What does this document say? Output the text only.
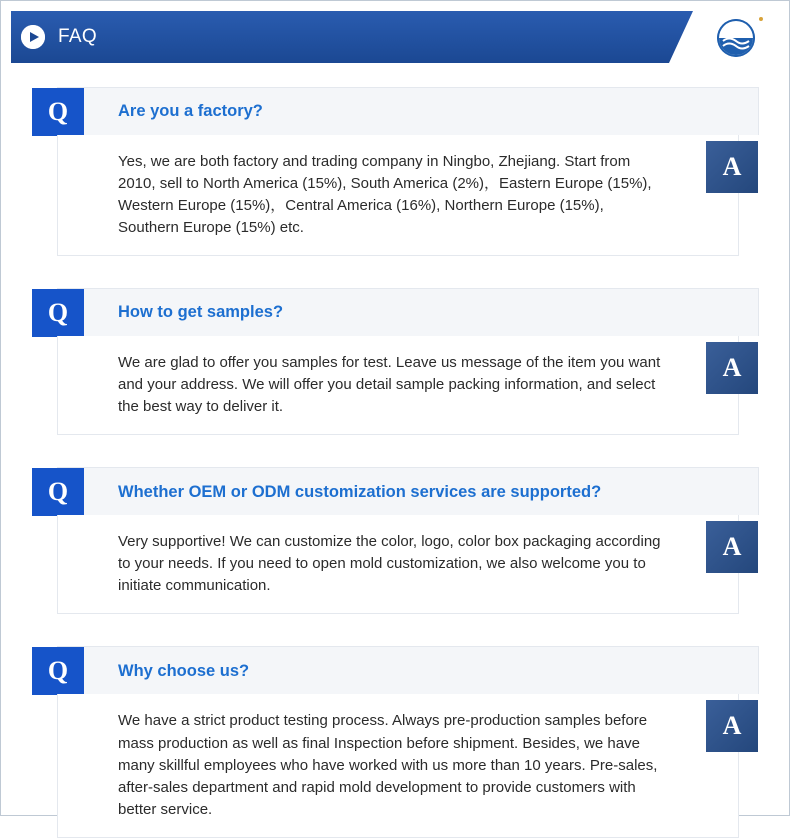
FAQ
Q	Are you a factory?
A
Yes, we are both factory and trading company in Ningbo, Zhejiang. Start from 2010, sell to North America (15%), South America (2%)，Eastern Europe (15%), Western Europe (15%)，Central America (16%), Northern Europe (15%), Southern Europe (15%) etc.
Q	How to get samples?
A
We are glad to offer you samples for test. Leave us message of the item you want and your address. We will offer you detail sample packing information, and select the best way to deliver it.
Q	Whether OEM or ODM customization services are supported?
A
Very supportive! We can customize the color, logo, color box packaging according to your needs. If you need to open mold customization, we also welcome you to initiate communication.
Q	Why choose us?
A
We have a strict product testing process. Always pre-production samples before mass production as well as final Inspection before shipment. Besides, we have many skillful employees who have worked with us more than 10 years. Pre-sales, after-sales department and rapid mold development to provide customers with better service.
